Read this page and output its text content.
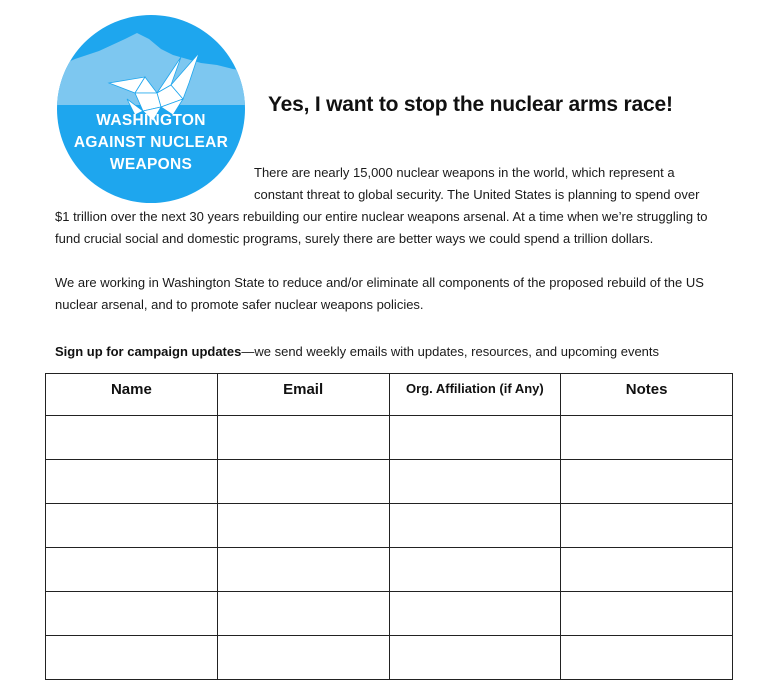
WASHINGTON
AGAINST NUCLEAR
WEAPONS
Yes, I want to stop the nuclear arms race!

There are nearly 15,000 nuclear weapons in the world, which represent a

constant threat to global security. The United States is planning to spend over

$1 trillion over the next 30 years rebuilding our entire nuclear weapons arsenal. At a time when we’re struggling to

fund crucial social and domestic programs, surely there are better ways we could spend a trillion dollars.

We are working in Washington State to reduce and/or eliminate all components of the proposed rebuild of the US

nuclear arsenal, and to promote safer nuclear weapons policies.

Sign up for campaign updates—we send weekly emails with updates, resources, and upcoming events
Name	Email	Org. Affiliation (if Any)	Notes
